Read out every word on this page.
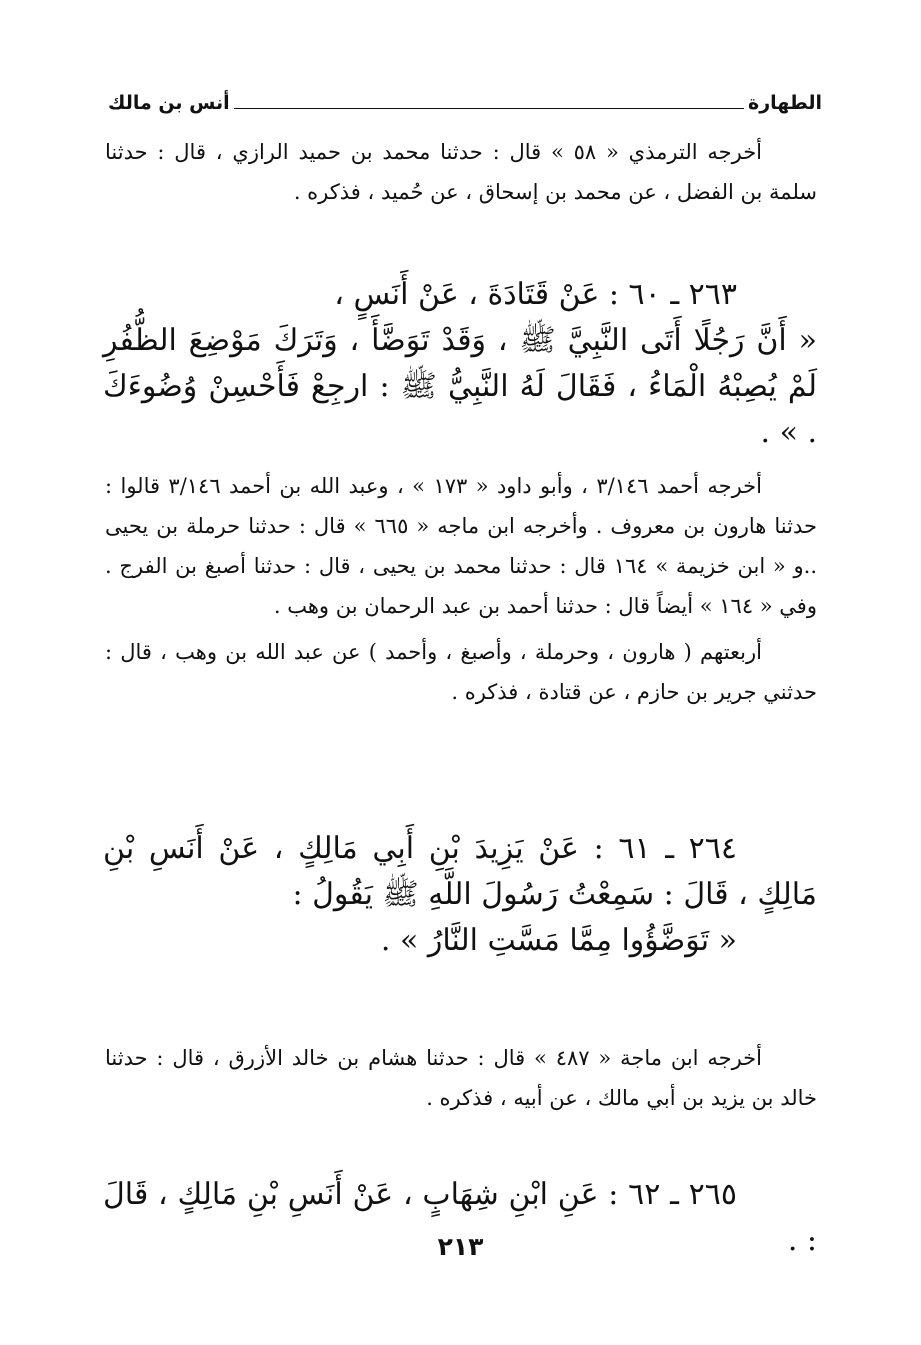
الطهارة
أنس بن مالك

أخرجه الترمذي « ٥٨ » قال : حدثنا محمد بن حميد الرازي ، قال : حدثنا سلمة بن الفضل ، عن محمد بن إسحاق ، عن حُميد ، فذكره .

٢٦٣ ـ ٦٠ : عَنْ قَتَادَةَ ، عَنْ أَنَسٍ ،

« أَنَّ رَجُلًا أَتَى النَّبِيَّ ﷺ ، وَقَدْ تَوَضَّأَ ، وَتَرَكَ مَوْضِعَ الظُّفُرِ لَمْ يُصِبْهُ الْمَاءُ ، فَقَالَ لَهُ النَّبِيُّ ﷺ : ارجِعْ فَأَحْسِنْ وُضُوءَكَ . » .

أخرجه أحمد ٣/١٤٦ ، وأبو داود « ١٧٣ » ، وعبد الله بن أحمد ٣/١٤٦ قالوا : حدثنا هارون بن معروف . وأخرجه ابن ماجه « ٦٦٥ » قال : حدثنا حرملة بن يحيى ..و « ابن خزيمة » ١٦٤ قال : حدثنا محمد بن يحيى ، قال : حدثنا أصبغ بن الفرج . وفي « ١٦٤ » أيضاً قال : حدثنا أحمد بن عبد الرحمان بن وهب .

أربعتهم ( هارون ، وحرملة ، وأصبغ ، وأحمد ) عن عبد الله بن وهب ، قال : حدثني جرير بن حازم ، عن قتادة ، فذكره .

٢٦٤ ـ ٦١ : عَنْ يَزِيدَ بْنِ أَبِي مَالِكٍ ، عَنْ أَنَسِ بْنِ مَالِكٍ ، قَالَ : سَمِعْتُ رَسُولَ اللَّهِ ﷺ يَقُولُ :

« تَوَضَّؤُوا مِمَّا مَسَّتِ النَّارُ » .

أخرجه ابن ماجة « ٤٨٧ » قال : حدثنا هشام بن خالد الأزرق ، قال : حدثنا خالد بن يزيد بن أبي مالك ، عن أبيه ، فذكره .

٢٦٥ ـ ٦٢ : عَنِ ابْنِ شِهَابٍ ، عَنْ أَنَسِ بْنِ مَالِكٍ ، قَالَ : .

٢١٣
